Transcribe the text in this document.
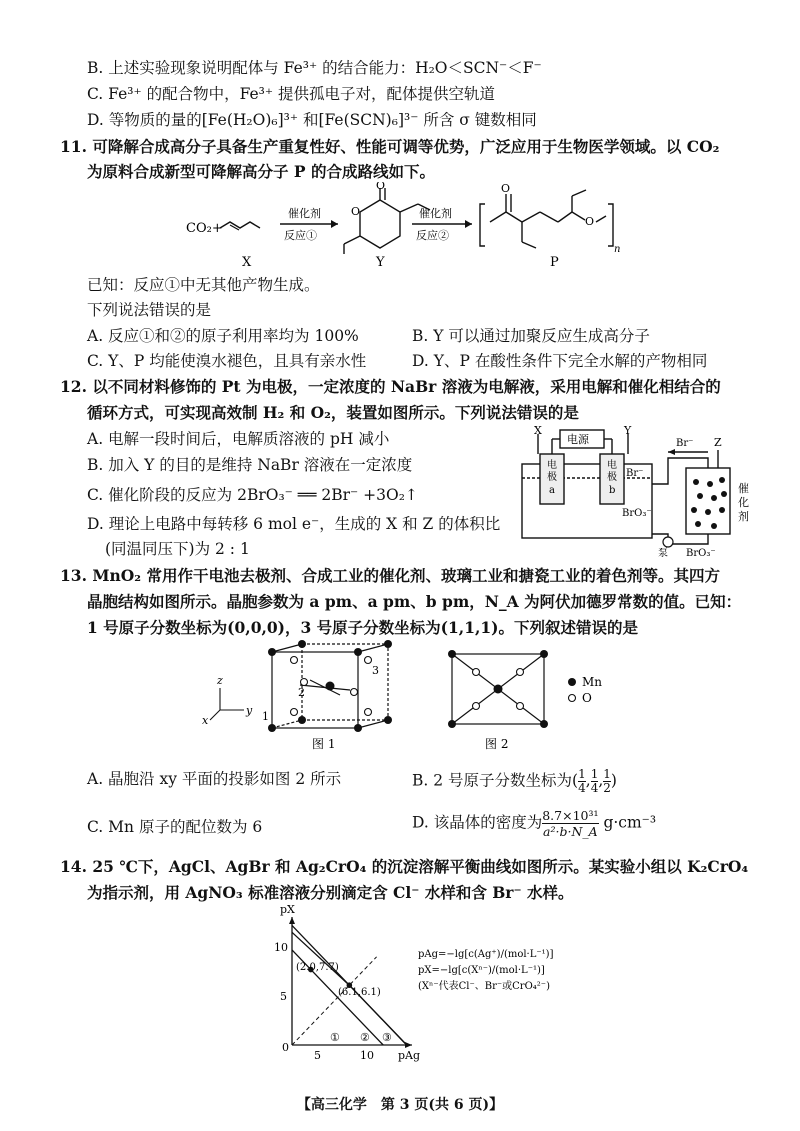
B. 上述实验现象说明配体与 Fe³⁺ 的结合能力：H₂O＜SCN⁻＜F⁻
C. Fe³⁺ 的配合物中，Fe³⁺ 提供孤电子对，配体提供空轨道
D. 等物质的量的[Fe(H₂O)₆]³⁺ 和[Fe(SCN)₆]³⁻ 所含 σ 键数相同
11. 可降解合成高分子具备生产重复性好、性能可调等优势，广泛应用于生物医学领域。以 CO₂
为原料合成新型可降解高分子 P 的合成路线如下。
CO₂+
催化剂
反应①
O
O	催化剂
反应②
O
O
n
X	Y	P
已知：反应①中无其他产物生成。
下列说法错误的是
A. 反应①和②的原子利用率均为 100%	B. Y 可以通过加聚反应生成高分子
C. Y、P 均能使溴水褪色，且具有亲水性	D. Y、P 在酸性条件下完全水解的产物相同
12. 以不同材料修饰的 Pt 为电极，一定浓度的 NaBr 溶液为电解液，采用电解和催化相结合的
循环方式，可实现高效制 H₂ 和 O₂，装置如图所示。下列说法错误的是
A. 电解一段时间后，电解质溶液的 pH 减小
B. 加入 Y 的目的是维持 NaBr 溶液在一定浓度
C. 催化阶段的反应为 2BrO₃⁻ ══ 2Br⁻ +3O₂↑
D. 理论上电路中每转移 6 mol e⁻，生成的 X 和 Z 的体积比
(同温同压下)为 2 : 1
X	Y
Z
电源
电
极
a
电
极
b
Br⁻
Br⁻
BrO₃⁻
泵 BrO₃⁻
催
化
剂
13. MnO₂ 常用作干电池去极剂、合成工业的催化剂、玻璃工业和搪瓷工业的着色剂等。其四方
晶胞结构如图所示。晶胞参数为 a pm、a pm、b pm，N_A 为阿伏加德罗常数的值。已知：
1 号原子分数坐标为(0,0,0)，3 号原子分数坐标为(1,1,1)。下列叙述错误的是
z
y
x	1
2
3
图 1	图 2
Mn
O
A. 晶胞沿 xy 平面的投影如图 2 所示	B. 2 号原子分数坐标为($\frac{1}{4} ,\frac{1}{4} ,\frac{1}{2}$ )
C. Mn 原子的配位数为 6	D. 该晶体的密度为$\frac{\text{8.7×10³¹}}{\text{a²·b·N\_A}} g\cdot cm^{-3}$
14. 25 ℃下，AgCl、AgBr 和 Ag₂CrO₄ 的沉淀溶解平衡曲线如图所示。某实验小组以 K₂CrO₄
为指示剂，用 AgNO₃ 标准溶液分别滴定含 Cl⁻ 水样和含 Br⁻ 水样。
pX
pAg
10
5
0
5	10
(2.0,7.7)
(6.1,6.1)
① ② ③
pAg=−lg[c(Ag⁺)/(mol·L⁻¹)]
pX=−lg[c(Xⁿ⁻)/(mol·L⁻¹)]
(Xⁿ⁻代表Cl⁻、Br⁻或CrO₄²⁻)
【高三化学　第 3 页(共 6 页)】
